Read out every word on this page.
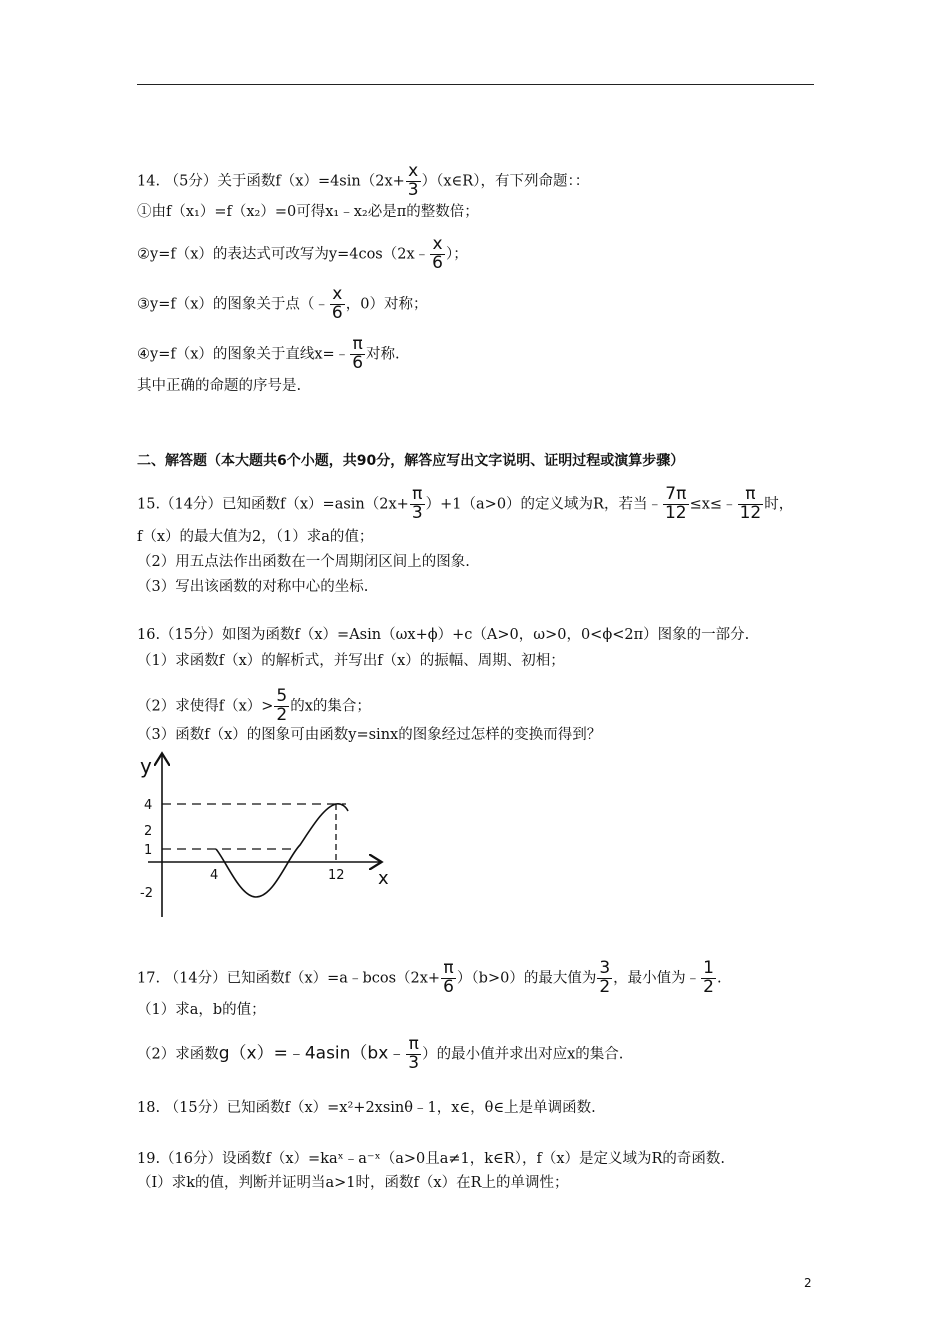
14. （5分）关于函数$f(x)=4\sin(2x+ \frac{x}{3}$ ）（x∈R），有下列命题：：
①由f（x₁）=f（x₂）=0可得x₁﹣x₂必是π的整数倍；
②y=f（x）的表达式可改写为y=4cos（2x﹣ $\frac{x}{6}$ ）；
③y=f（x）的图象关于点（﹣ $\frac{x}{6}$ ，0）对称；
④y=f（x）的图象关于直线x=﹣ $\frac{\pi}{6}$ 对称.
其中正确的命题的序号是.
二、解答题（本大题共6个小题，共90分，解答应写出文字说明、证明过程或演算步骤）
15.（14分）已知函数$f(x)=asin(2x+ \frac{\pi}{3} )+1(a>0)$的定义域为R，若当﹣ $\frac{7\pi}{12}$ ≤x≤﹣ $\frac{\pi}{12}$ 时，
f（x）的最大值为2，（1）求a的值；
（2）用五点法作出函数在一个周期闭区间上的图象.
（3）写出该函数的对称中心的坐标.
16.（15分）如图为函数f（x）=Asin（ωx+ϕ）+c（A>0，ω>0，0<ϕ<2π）图象的一部分.
（1）求函数f（x）的解析式，并写出f（x）的振幅、周期、初相；
（2）求使得$f(x)> \frac{5}{2}$ 的x的集合；
（3）函数f（x）的图象可由函数y=sinx的图象经过怎样的变换而得到？
y
x
4
2
1
-2
4	12
17. （14分）已知函数f（x）=a﹣bcos（2x+ $\frac{\pi}{6} )(b>0)$的最大值为 $\frac{3}{2}$ ，最小值为﹣ $\frac{1}{2}$ .
（1）求a，b的值；
（2）求函数g（x）=﹣4asin（bx﹣ $\frac{\pi}{3}$ ）的最小值并求出对应x的集合.
18. （15分）已知函数f（x）=x²+2xsinθ﹣1，x∈，θ∈上是单调函数.
19.（16分）设函数f（x）=kaˣ﹣a⁻ˣ（a>0且a≠1，k∈R），f（x）是定义域为R的奇函数.
（Ⅰ）求k的值，判断并证明当a>1时，函数f（x）在R上的单调性；
2
